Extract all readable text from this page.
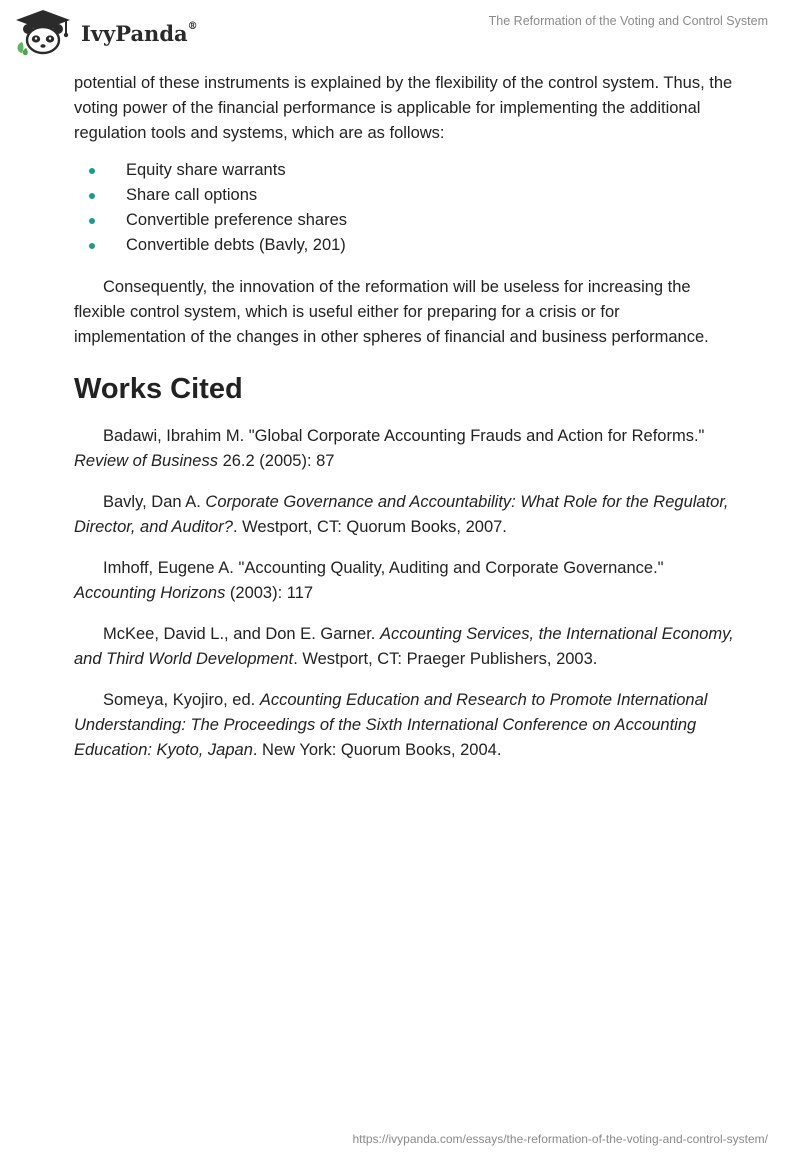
IvyPanda®	The Reformation of the Voting and Control System

potential of these instruments is explained by the flexibility of the control system. Thus, the voting power of the financial performance is applicable for implementing the additional regulation tools and systems, which are as follows:

Equity share warrants
Share call options
Convertible preference shares
Convertible debts (Bavly, 201)

Consequently, the innovation of the reformation will be useless for increasing the flexible control system, which is useful either for preparing for a crisis or for implementation of the changes in other spheres of financial and business performance.

Works Cited

Badawi, Ibrahim M. "Global Corporate Accounting Frauds and Action for Reforms." Review of Business 26.2 (2005): 87

Bavly, Dan A. Corporate Governance and Accountability: What Role for the Regulator, Director, and Auditor?. Westport, CT: Quorum Books, 2007.

Imhoff, Eugene A. "Accounting Quality, Auditing and Corporate Governance." Accounting Horizons (2003): 117

McKee, David L., and Don E. Garner. Accounting Services, the International Economy, and Third World Development. Westport, CT: Praeger Publishers, 2003.

Someya, Kyojiro, ed. Accounting Education and Research to Promote International Understanding: The Proceedings of the Sixth International Conference on Accounting Education: Kyoto, Japan. New York: Quorum Books, 2004.

https://ivypanda.com/essays/the-reformation-of-the-voting-and-control-system/
